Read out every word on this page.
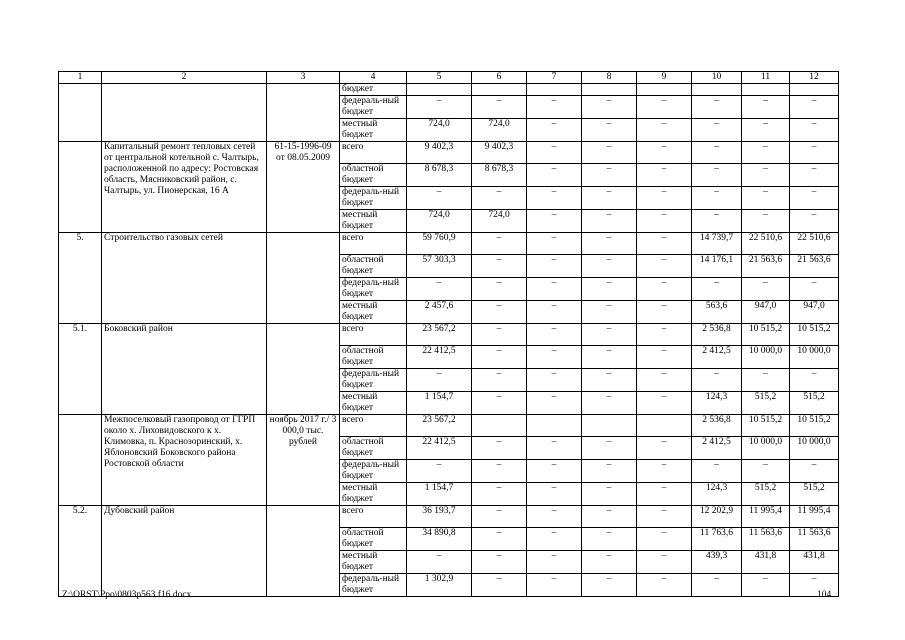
1	2	3	4	5	6	7	8	9	10	11	12
			бюджет								
			федераль-ный бюджет	–	–	–	–	–	–	–	–
			местный бюджет	724,0	724,0	–	–	–	–	–	–
	Капитальный ремонт тепловых сетей от центральной котельной с. Чалтырь, расположенной по адресу: Ростовская область, Мясниковский район, с. Чалтырь, ул. Пионерская, 16 А	61-15-1996-09 от 08.05.2009	всего	9 402,3	9 402,3	–	–	–	–	–	–
			областной бюджет	8 678,3	8 678,3	–	–	–	–	–	–
			федераль-ный бюджет	–	–	–	–	–	–	–	–
			местный бюджет	724,0	724,0	–	–	–	–	–	–
5.	Строительство газовых сетей		всего	59 760,9	–	–	–	–	14 739,7	22 510,6	22 510,6
			областной бюджет	57 303,3	–	–	–	–	14 176,1	21 563,6	21 563,6
			федераль-ный бюджет	–	–	–	–	–	–	–	–
			местный бюджет	2 457,6	–	–	–	–	563,6	947,0	947,0
5.1.	Боковский район		всего	23 567,2	–	–	–	–	2 536,8	10 515,2	10 515,2
			областной бюджет	22 412,5	–	–	–	–	2 412,5	10 000,0	10 000,0
			федераль-ный бюджет	–	–	–	–	–	–	–	–
			местный бюджет	1 154,7	–	–	–	–	124,3	515,2	515,2
	Межпоселковый газопровод от ГГРП около х. Лиховидовского к х. Климовка, п. Краснозоринский, х. Яблоновский Боковского района Ростовской области	ноябрь 2017 г./ 3 000,0 тыс. рублей	всего	23 567,2					2 536,8	10 515,2	10 515,2
			областной бюджет	22 412,5	–	–	–	–	2 412,5	10 000,0	10 000,0
			федераль-ный бюджет	–	–	–	–	–	–	–	–
			местный бюджет	1 154,7	–	–	–	–	124,3	515,2	515,2
5.2.	Дубовский район		всего	36 193,7	–	–	–	–	12 202,9	11 995,4	11 995,4
			областной бюджет	34 890,8	–	–	–	–	11 763,6	11 563,6	11 563,6
			местный бюджет	–	–	–	–	–	439,3	431,8	431,8
			федераль-ный бюджет	1 302,9	–	–	–	–	–	–	–
Z:\ORST\Ppo\0803p563.f16.docx	104
